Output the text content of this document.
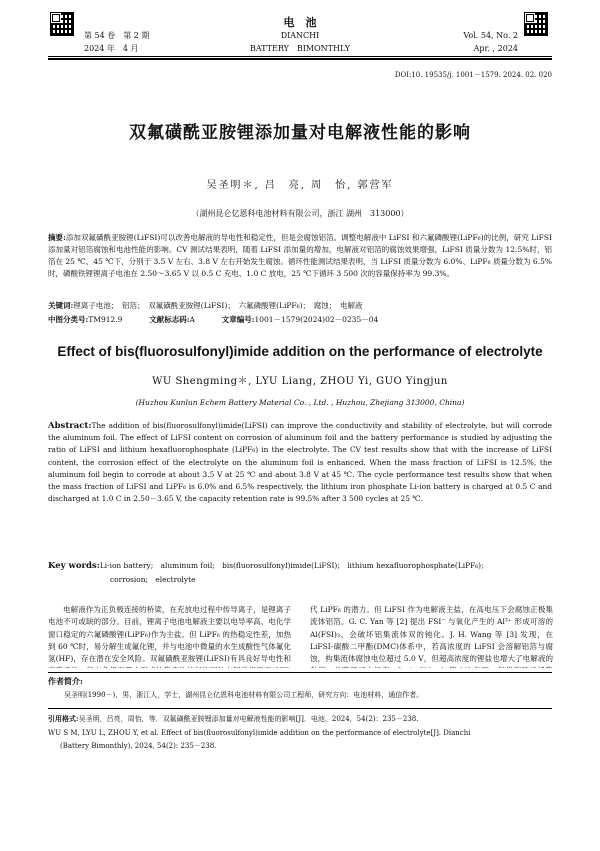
第 54 卷　第 2 期
2024 年　4 月
电　池
DIANCHI
BATTERY　BIMONTHLY
Vol. 54, No. 2
Apr. , 2024
DOI:10. 19535/j. 1001－1579. 2024. 02. 020
双氟磺酰亚胺锂添加量对电解液性能的影响
吴圣明＊, 吕　亮, 周　怡, 郭营军
（湖州昆仑亿恩科电池材料有限公司，浙江 湖州　313000）
摘要:添加双氟磺酰亚胺锂(LiFSI)可以改善电解液的导电性和稳定性，但是会腐蚀铝箔。调整电解液中 LiFSI 和六氟磷酸锂(LiPF₆)的比例，研究 LiFSI 添加量对铝箔腐蚀和电池性能的影响。CV 测试结果表明，随着 LiFSI 添加量的增加，电解液对铝箔的腐蚀效果增强，LiFSI 质量分数为 12.5%时，铝箔在 25 ℃、45 ℃下，分别于 3.5 V 左右、3.8 V 左右开始发生腐蚀。循环性能测试结果表明，当 LiFSI 质量分数为 6.0%、LiPF₆ 质量分数为 6.5%时，磷酸铁锂锂离子电池在 2.50～3.65 V 以 0.5 C 充电、1.0 C 放电，25 ℃下循环 3 500 次的容量保持率为 99.3%。
关键词:锂离子电池；　铝箔；　双氟磺酰亚胺锂(LiFSI)；　六氟磷酸锂(LiPF₆)；　腐蚀；　电解液
中图分类号:TM912.9	文献标志码:A	文章编号:1001－1579(2024)02－0235－04
Effect of bis(fluorosulfonyl)imide addition on the performance of electrolyte
WU Shengming＊, LYU Liang, ZHOU Yi, GUO Yingjun
(Huzhou Kunlun Echem Battery Material Co. , Ltd. , Huzhou, Zhejiang 313000, China)
Abstract:The addition of bis(fluorosulfonyl)imide(LiFSI) can improve the conductivity and stability of electrolyte, but will corrode the aluminum foil. The effect of LiFSI content on corrosion of aluminum foil and the battery performance is studied by adjusting the ratio of LiFSI and lithium hexafluorophosphate (LiPF₆) in the electrolyte. The CV test results show that with the increase of LiFSI content, the corrosion effect of the electrolyte on the aluminum foil is enhanced. When the mass fraction of LiFSI is 12.5%, the aluminum foil begin to corrode at about 3.5 V at 25 ℃ and about 3.8 V at 45 ℃. The cycle performance test results show that when the mass fraction of LiFSI and LiPF₆ is 6.0% and 6.5% respectively, the lithium iron phosphate Li-ion battery is charged at 0.5 C and discharged at 1.0 C in 2.50－3.65 V, the capacity retention rate is 99.5% after 3 500 cycles at 25 ℃.
Key words:Li-ion battery;　aluminum foil;　bis(fluorosulfonyl)imide(LiFSI);　lithium hexafluorophosphate(LiPF₆);
corrosion;　electrolyte
电解液作为正负极连接的桥梁，在充放电过程中传导离子，是锂离子电池不可或缺的部分。目前，锂离子电池电解液主要以电导率高、电化学窗口稳定的六氟磷酸锂(LiPF₆)作为主盐。但 LiPF₆ 的热稳定性差，加热到 60 ℃时，易分解生成氟化锂，并与电池中微量的水生成酸性气体氟化氢(HF)，存在潜在安全风险。双氟磺酰亚胺锂(LiFSI)有具良好导电性和
代 LiPF₆ 的潜力。但 LiFSI 作为电解液主盐，在高电压下会腐蚀正极集流体铝箔。G. C. Yan 等 [2] 提出 FSI⁻ 与氧化产生的 Al³⁺ 形成可溶的 Al(FSI)₃，会破坏铝集流体双的钝化。J. H. Wang 等 [3] 发现，在 LiFSI-碳酸二甲酯(DMC)体系中，若高浓度的 LiFSI 会溶解铝箔与腐蚀，构集流体腐蚀电位超过 5.0 V，但超高浓度的锂盐也增大了电解液的
作者简介:
吴圣明(1990－)，男，浙江人，学士，湖州昆仑亿恩科电池材料有限公司工程师，研究方向：电池材料，通信作者。
引用格式:吴圣明，吕亮，周怡，等．双氟磺酰亚胺锂添加量对电解液性能的影响[J]．电池，2024，54(2)：235－238.
WU S M, LYU L, ZHOU Y, et al. Effect of bis(fluorosulfonyl)imide addition on the performance of electrolyte[J]. Dianchi
(Battery Bimonthly), 2024, 54(2): 235－238.
